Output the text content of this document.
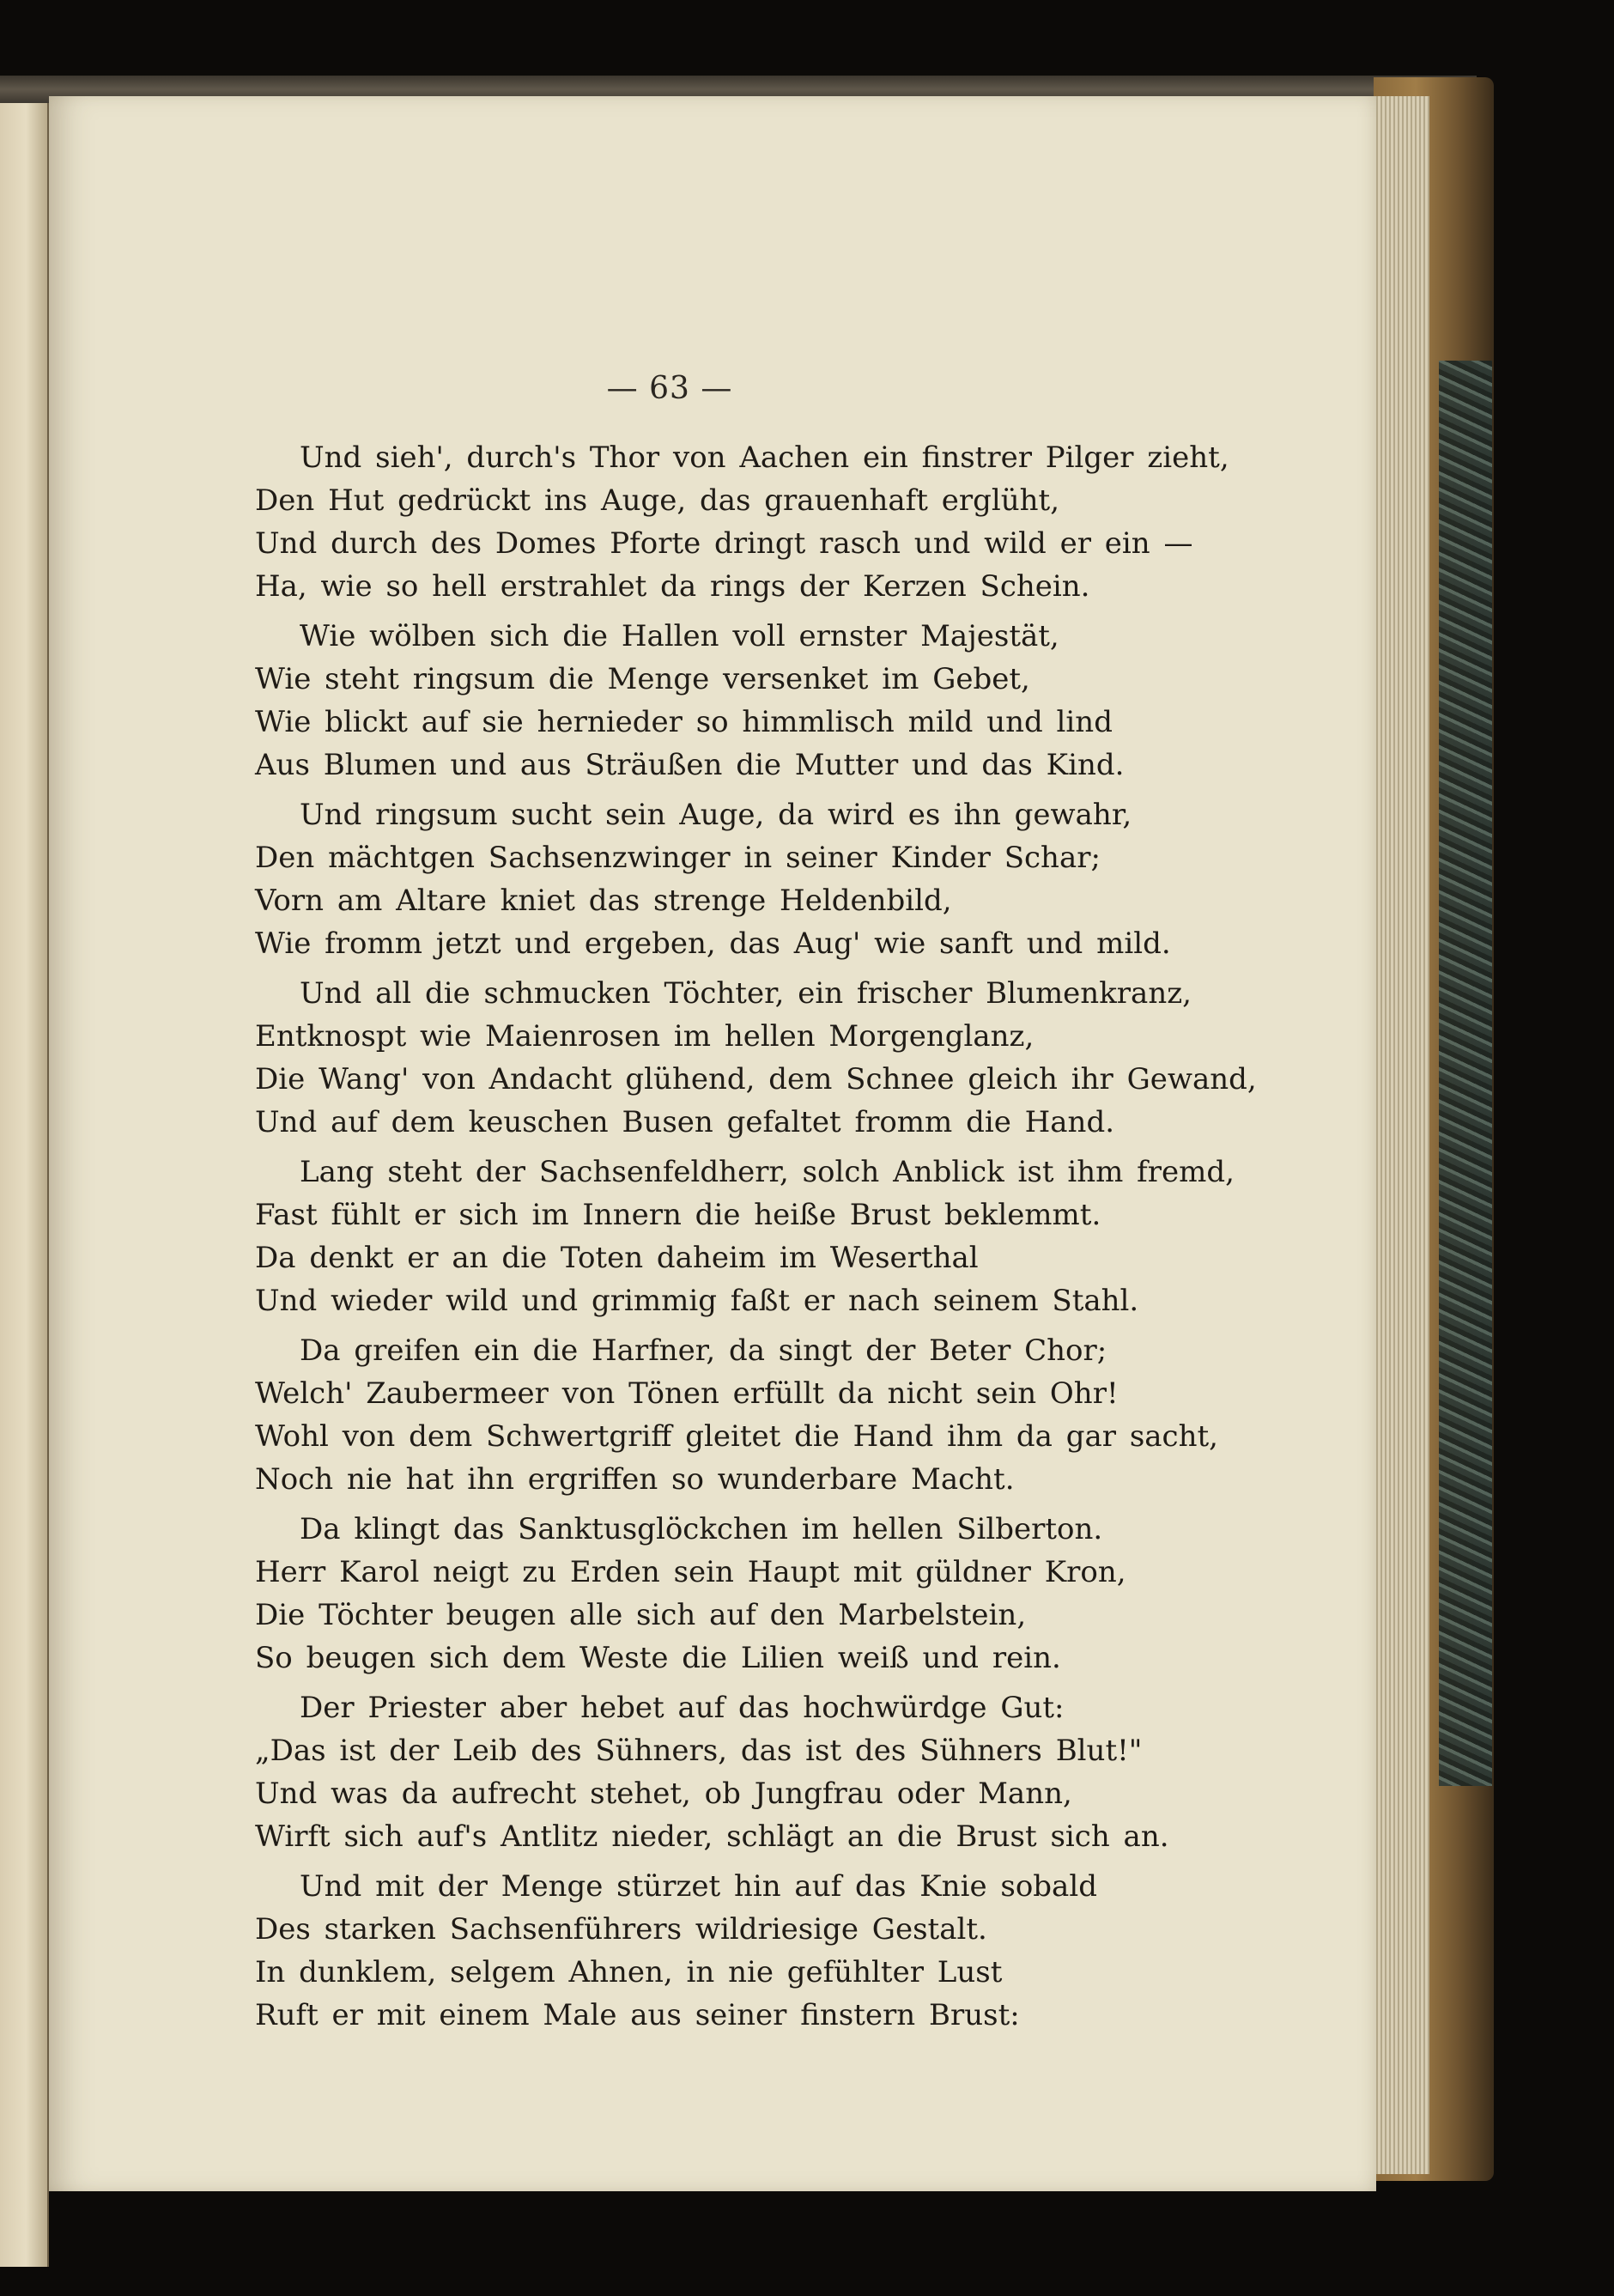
— 63 —
Und sieh', durch's Thor von Aachen ein finstrer Pilger zieht,
Den Hut gedrückt ins Auge, das grauenhaft erglüht,
Und durch des Domes Pforte dringt rasch und wild er ein —
Ha, wie so hell erstrahlet da rings der Kerzen Schein.
Wie wölben sich die Hallen voll ernster Majestät,
Wie steht ringsum die Menge versenket im Gebet,
Wie blickt auf sie hernieder so himmlisch mild und lind
Aus Blumen und aus Sträußen die Mutter und das Kind.
Und ringsum sucht sein Auge, da wird es ihn gewahr,
Den mächtgen Sachsenzwinger in seiner Kinder Schar;
Vorn am Altare kniet das strenge Heldenbild,
Wie fromm jetzt und ergeben, das Aug' wie sanft und mild.
Und all die schmucken Töchter, ein frischer Blumenkranz,
Entknospt wie Maienrosen im hellen Morgenglanz,
Die Wang' von Andacht glühend, dem Schnee gleich ihr Gewand,
Und auf dem keuschen Busen gefaltet fromm die Hand.
Lang steht der Sachsenfeldherr, solch Anblick ist ihm fremd,
Fast fühlt er sich im Innern die heiße Brust beklemmt.
Da denkt er an die Toten daheim im Weserthal
Und wieder wild und grimmig faßt er nach seinem Stahl.
Da greifen ein die Harfner, da singt der Beter Chor;
Welch' Zaubermeer von Tönen erfüllt da nicht sein Ohr!
Wohl von dem Schwertgriff gleitet die Hand ihm da gar sacht,
Noch nie hat ihn ergriffen so wunderbare Macht.
Da klingt das Sanktusglöckchen im hellen Silberton.
Herr Karol neigt zu Erden sein Haupt mit güldner Kron,
Die Töchter beugen alle sich auf den Marbelstein,
So beugen sich dem Weste die Lilien weiß und rein.
Der Priester aber hebet auf das hochwürdge Gut:
„Das ist der Leib des Sühners, das ist des Sühners Blut!"
Und was da aufrecht stehet, ob Jungfrau oder Mann,
Wirft sich auf's Antlitz nieder, schlägt an die Brust sich an.
Und mit der Menge stürzet hin auf das Knie sobald
Des starken Sachsenführers wildriesige Gestalt.
In dunklem, selgem Ahnen, in nie gefühlter Lust
Ruft er mit einem Male aus seiner finstern Brust:
